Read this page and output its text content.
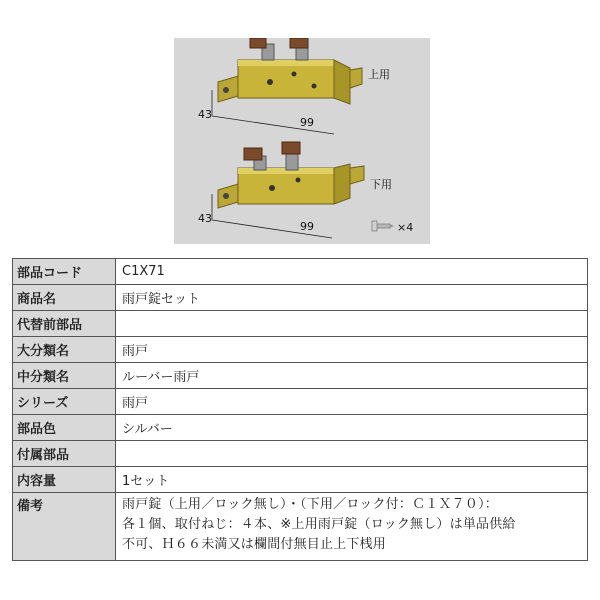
上用
43
99
下用
43
99	×4
部品コード	C1X71
商品名	雨戸錠セット
代替前部品	
大分類名	雨戸
中分類名	ルーバー雨戸
シリーズ	雨戸
部品色	シルバー
付属部品	
内容量	1セット
備考	雨戸錠（上用／ロック無し）・（下用／ロック付：Ｃ１Ｘ７０）：
各１個、取付ねじ：４本、※上用雨戸錠（ロック無し）は単品供給
不可、Ｈ６６未満又は欄間付無目止上下桟用
